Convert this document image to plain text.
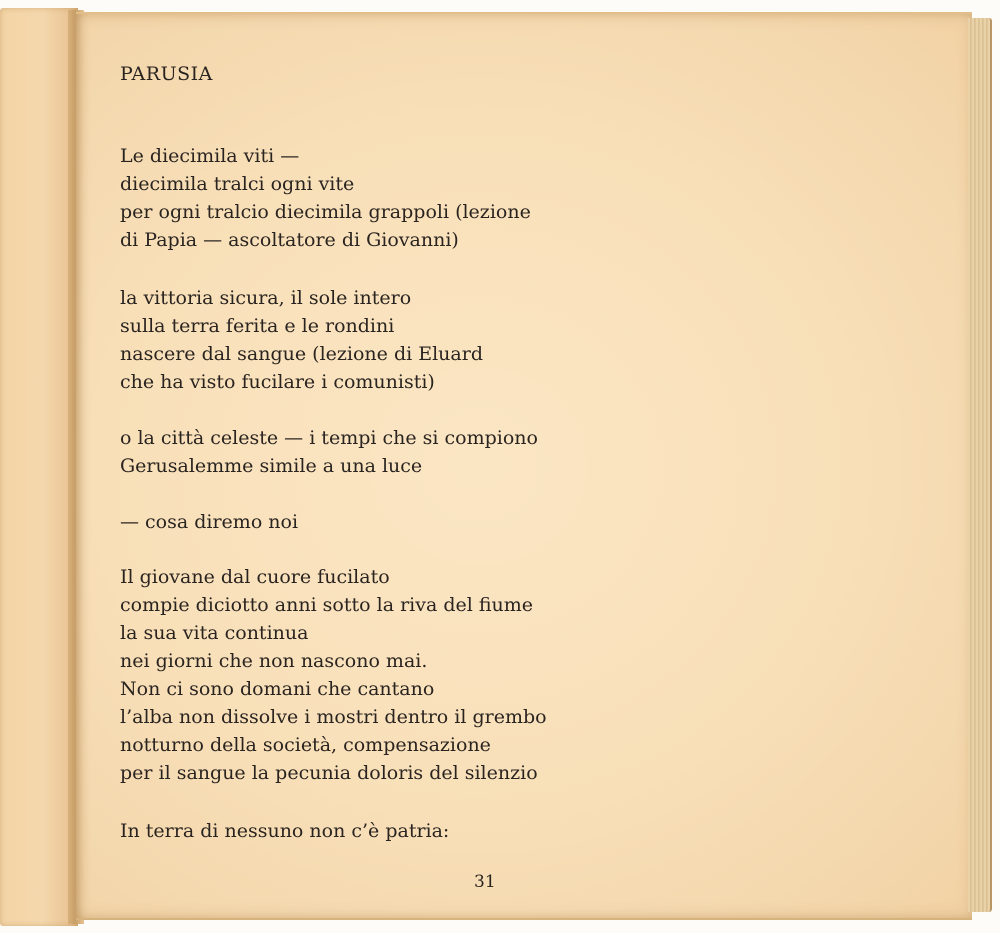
PARUSIA
Le diecimila viti —
diecimila tralci ogni vite
per ogni tralcio diecimila grappoli (lezione
di Papia — ascoltatore di Giovanni)
la vittoria sicura, il sole intero
sulla terra ferita e le rondini
nascere dal sangue (lezione di Eluard
che ha visto fucilare i comunisti)
o la città celeste — i tempi che si compiono
Gerusalemme simile a una luce
— cosa diremo noi
Il giovane dal cuore fucilato
compie diciotto anni sotto la riva del fiume
la sua vita continua
nei giorni che non nascono mai.
Non ci sono domani che cantano
l’alba non dissolve i mostri dentro il grembo
notturno della società, compensazione
per il sangue la pecunia doloris del silenzio
In terra di nessuno non c’è patria:
31
